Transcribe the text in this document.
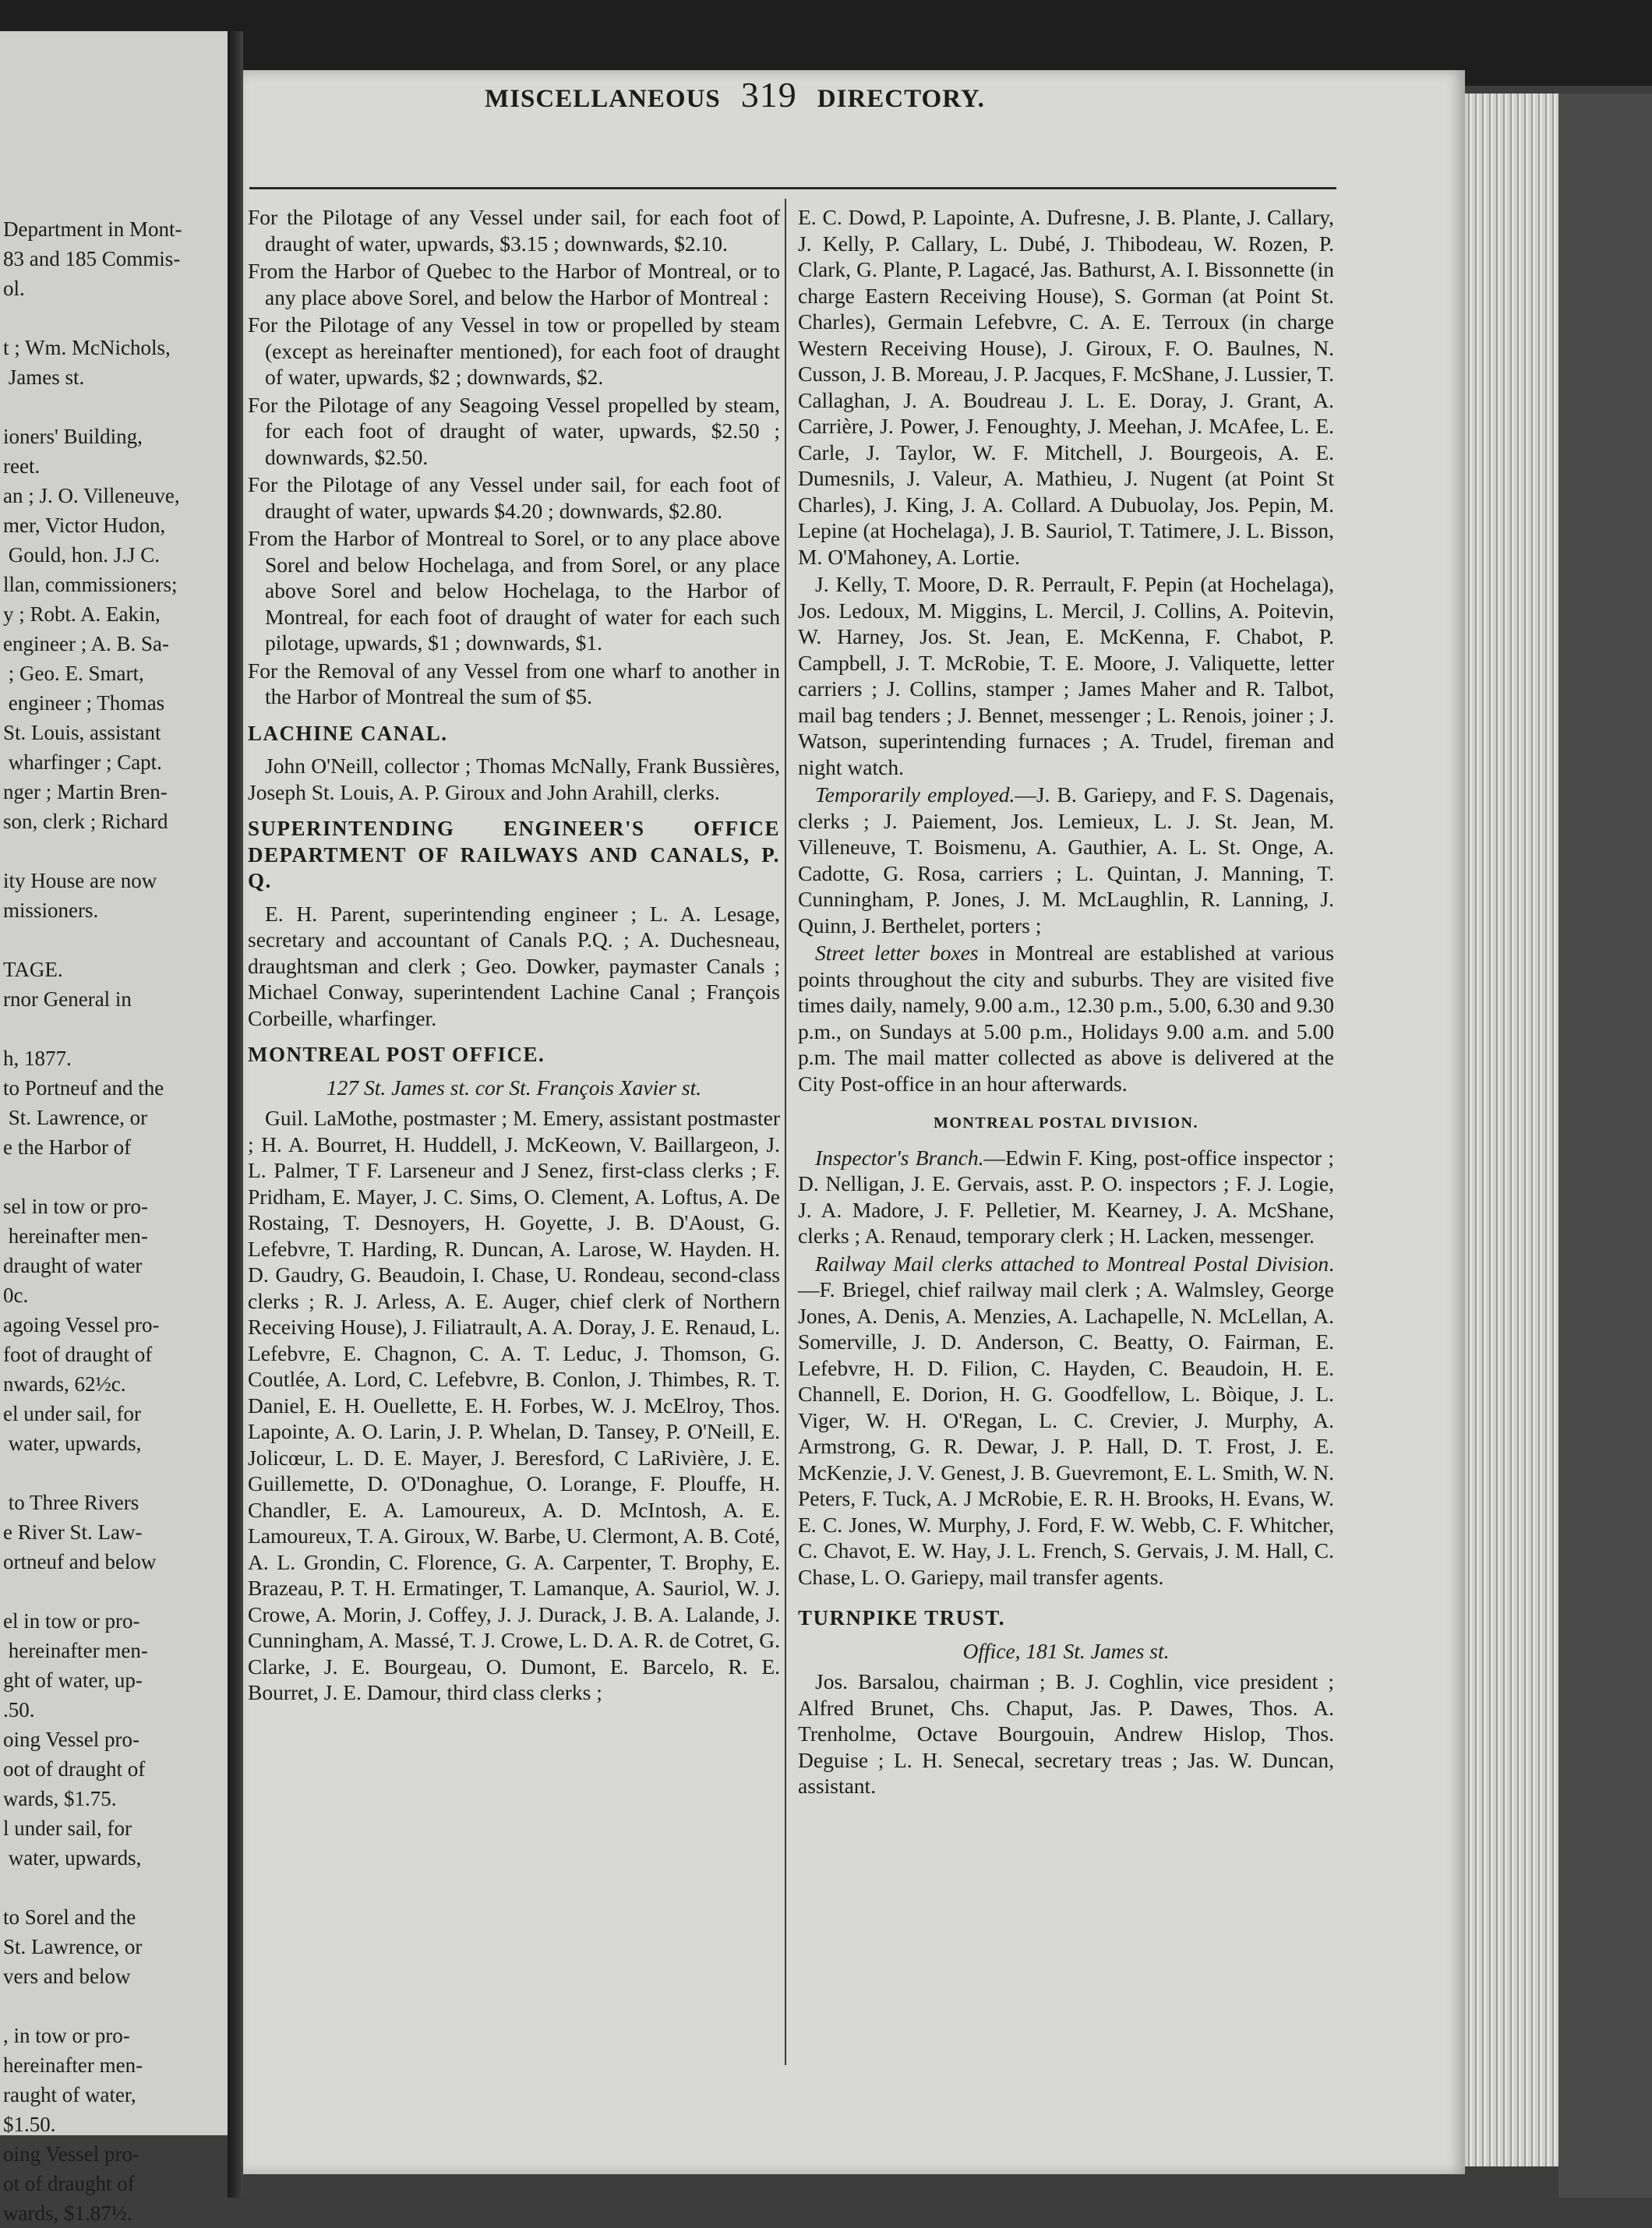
Department in Mont-

83 and 185 Commis-

ol.

t ; Wm. McNichols,

James st.

ioners' Building,

reet.

an ; J. O. Villeneuve,

mer, Victor Hudon,

Gould, hon. J.J C.

llan, commissioners;

y ; Robt. A. Eakin,

engineer ; A. B. Sa-

; Geo. E. Smart,

engineer ; Thomas

St. Louis, assistant

wharfinger ; Capt.

nger ; Martin Bren-

son, clerk ; Richard

ity House are now

missioners.

TAGE.

rnor General in

h, 1877.

to Portneuf and the

St. Lawrence, or

e the Harbor of

sel in tow or pro-

hereinafter men-

draught of water

0c.

agoing Vessel pro-

foot of draught of

nwards, 62½c.

el under sail, for

water, upwards,

to Three Rivers

e River St. Law-

ortneuf and below

el in tow or pro-

hereinafter men-

ght of water, up-

.50.

oing Vessel pro-

oot of draught of

wards, $1.75.

l under sail, for

water, upwards,

to Sorel and the

St. Lawrence, or

vers and below

, in tow or pro-

hereinafter men-

raught of water,

$1.50.

oing Vessel pro-

ot of draught of

wards, $1.87½.

MISCELLANEOUS 319 DIRECTORY.

For the Pilotage of any Vessel under sail, for each foot of draught of water, upwards, $3.15 ; downwards, $2.10.

From the Harbor of Quebec to the Harbor of Montreal, or to any place above Sorel, and below the Harbor of Montreal :

For the Pilotage of any Vessel in tow or propelled by steam (except as hereinafter mentioned), for each foot of draught of water, upwards, $2 ; downwards, $2.

For the Pilotage of any Seagoing Vessel propelled by steam, for each foot of draught of water, upwards, $2.50 ; downwards, $2.50.

For the Pilotage of any Vessel under sail, for each foot of draught of water, upwards $4.20 ; downwards, $2.80.

From the Harbor of Montreal to Sorel, or to any place above Sorel and below Hochelaga, and from Sorel, or any place above Sorel and below Hochelaga, to the Harbor of Montreal, for each foot of draught of water for each such pilotage, upwards, $1 ; downwards, $1.

For the Removal of any Vessel from one wharf to another in the Harbor of Montreal the sum of $5.

LACHINE CANAL.

John O'Neill, collector ; Thomas McNally, Frank Bussières, Joseph St. Louis, A. P. Giroux and John Arahill, clerks.

SUPERINTENDING ENGINEER'S OFFICE DEPARTMENT OF RAILWAYS AND CANALS, P. Q.

E. H. Parent, superintending engineer ; L. A. Lesage, secretary and accountant of Canals P.Q. ; A. Duchesneau, draughtsman and clerk ; Geo. Dowker, paymaster Canals ; Michael Conway, superintendent Lachine Canal ; François Corbeille, wharfinger.

MONTREAL POST OFFICE.

127 St. James st. cor St. François Xavier st.

Guil. LaMothe, postmaster ; M. Emery, assistant postmaster ; H. A. Bourret, H. Huddell, J. McKeown, V. Baillargeon, J. L. Palmer, T F. Larseneur and J Senez, first-class clerks ; F. Pridham, E. Mayer, J. C. Sims, O. Clement, A. Loftus, A. De Rostaing, T. Desnoyers, H. Goyette, J. B. D'Aoust, G. Lefebvre, T. Harding, R. Duncan, A. Larose, W. Hayden. H. D. Gaudry, G. Beaudoin, I. Chase, U. Rondeau, second-class clerks ; R. J. Arless, A. E. Auger, chief clerk of Northern Receiving House), J. Filiatrault, A. A. Doray, J. E. Renaud, L. Lefebvre, E. Chagnon, C. A. T. Leduc, J. Thomson, G. Coutlée, A. Lord, C. Lefebvre, B. Conlon, J. Thimbes, R. T. Daniel, E. H. Ouellette, E. H. Forbes, W. J. McElroy, Thos. Lapointe, A. O. Larin, J. P. Whelan, D. Tansey, P. O'Neill, E. Jolicœur, L. D. E. Mayer, J. Beresford, C LaRivière, J. E. Guillemette, D. O'Donaghue, O. Lorange, F. Plouffe, H. Chandler, E. A. Lamoureux, A. D. McIntosh, A. E. Lamoureux, T. A. Giroux, W. Barbe, U. Clermont, A. B. Coté, A. L. Grondin, C. Florence, G. A. Carpenter, T. Brophy, E. Brazeau, P. T. H. Ermatinger, T. Lamanque, A. Sauriol, W. J. Crowe, A. Morin, J. Coffey, J. J. Durack, J. B. A. Lalande, J. Cunningham, A. Massé, T. J. Crowe, L. D. A. R. de Cotret, G. Clarke, J. E. Bourgeau, O. Dumont, E. Barcelo, R. E. Bourret, J. E. Damour, third class clerks ;

E. C. Dowd, P. Lapointe, A. Dufresne, J. B. Plante, J. Callary, J. Kelly, P. Callary, L. Dubé, J. Thibodeau, W. Rozen, P. Clark, G. Plante, P. Lagacé, Jas. Bathurst, A. I. Bissonnette (in charge Eastern Receiving House), S. Gorman (at Point St. Charles), Germain Lefebvre, C. A. E. Terroux (in charge Western Receiving House), J. Giroux, F. O. Baulnes, N. Cusson, J. B. Moreau, J. P. Jacques, F. McShane, J. Lussier, T. Callaghan, J. A. Boudreau J. L. E. Doray, J. Grant, A. Carrière, J. Power, J. Fenoughty, J. Meehan, J. McAfee, L. E. Carle, J. Taylor, W. F. Mitchell, J. Bourgeois, A. E. Dumesnils, J. Valeur, A. Mathieu, J. Nugent (at Point St Charles), J. King, J. A. Collard. A Dubuolay, Jos. Pepin, M. Lepine (at Hochelaga), J. B. Sauriol, T. Tatimere, J. L. Bisson, M. O'Mahoney, A. Lortie.

J. Kelly, T. Moore, D. R. Perrault, F. Pepin (at Hochelaga), Jos. Ledoux, M. Miggins, L. Mercil, J. Collins, A. Poitevin, W. Harney, Jos. St. Jean, E. McKenna, F. Chabot, P. Campbell, J. T. McRobie, T. E. Moore, J. Valiquette, letter carriers ; J. Collins, stamper ; James Maher and R. Talbot, mail bag tenders ; J. Bennet, messenger ; L. Renois, joiner ; J. Watson, superintending furnaces ; A. Trudel, fireman and night watch.

Temporarily employed.—J. B. Gariepy, and F. S. Dagenais, clerks ; J. Paiement, Jos. Lemieux, L. J. St. Jean, M. Villeneuve, T. Boismenu, A. Gauthier, A. L. St. Onge, A. Cadotte, G. Rosa, carriers ; L. Quintan, J. Manning, T. Cunningham, P. Jones, J. M. McLaughlin, R. Lanning, J. Quinn, J. Berthelet, porters ;

Street letter boxes in Montreal are established at various points throughout the city and suburbs. They are visited five times daily, namely, 9.00 a.m., 12.30 p.m., 5.00, 6.30 and 9.30 p.m., on Sundays at 5.00 p.m., Holidays 9.00 a.m. and 5.00 p.m. The mail matter collected as above is delivered at the City Post-office in an hour afterwards.

MONTREAL POSTAL DIVISION.

Inspector's Branch.—Edwin F. King, post-office inspector ; D. Nelligan, J. E. Gervais, asst. P. O. inspectors ; F. J. Logie, J. A. Madore, J. F. Pelletier, M. Kearney, J. A. McShane, clerks ; A. Renaud, temporary clerk ; H. Lacken, messenger.

Railway Mail clerks attached to Montreal Postal Division.—F. Briegel, chief railway mail clerk ; A. Walmsley, George Jones, A. Denis, A. Menzies, A. Lachapelle, N. McLellan, A. Somerville, J. D. Anderson, C. Beatty, O. Fairman, E. Lefebvre, H. D. Filion, C. Hayden, C. Beaudoin, H. E. Channell, E. Dorion, H. G. Goodfellow, L. Bòique, J. L. Viger, W. H. O'Regan, L. C. Crevier, J. Murphy, A. Armstrong, G. R. Dewar, J. P. Hall, D. T. Frost, J. E. McKenzie, J. V. Genest, J. B. Guevremont, E. L. Smith, W. N. Peters, F. Tuck, A. J McRobie, E. R. H. Brooks, H. Evans, W. E. C. Jones, W. Murphy, J. Ford, F. W. Webb, C. F. Whitcher, C. Chavot, E. W. Hay, J. L. French, S. Gervais, J. M. Hall, C. Chase, L. O. Gariepy, mail transfer agents.

TURNPIKE TRUST.

Office, 181 St. James st.

Jos. Barsalou, chairman ; B. J. Coghlin, vice president ; Alfred Brunet, Chs. Chaput, Jas. P. Dawes, Thos. A. Trenholme, Octave Bourgouin, Andrew Hislop, Thos. Deguise ; L. H. Senecal, secretary treas ; Jas. W. Duncan, assistant.
